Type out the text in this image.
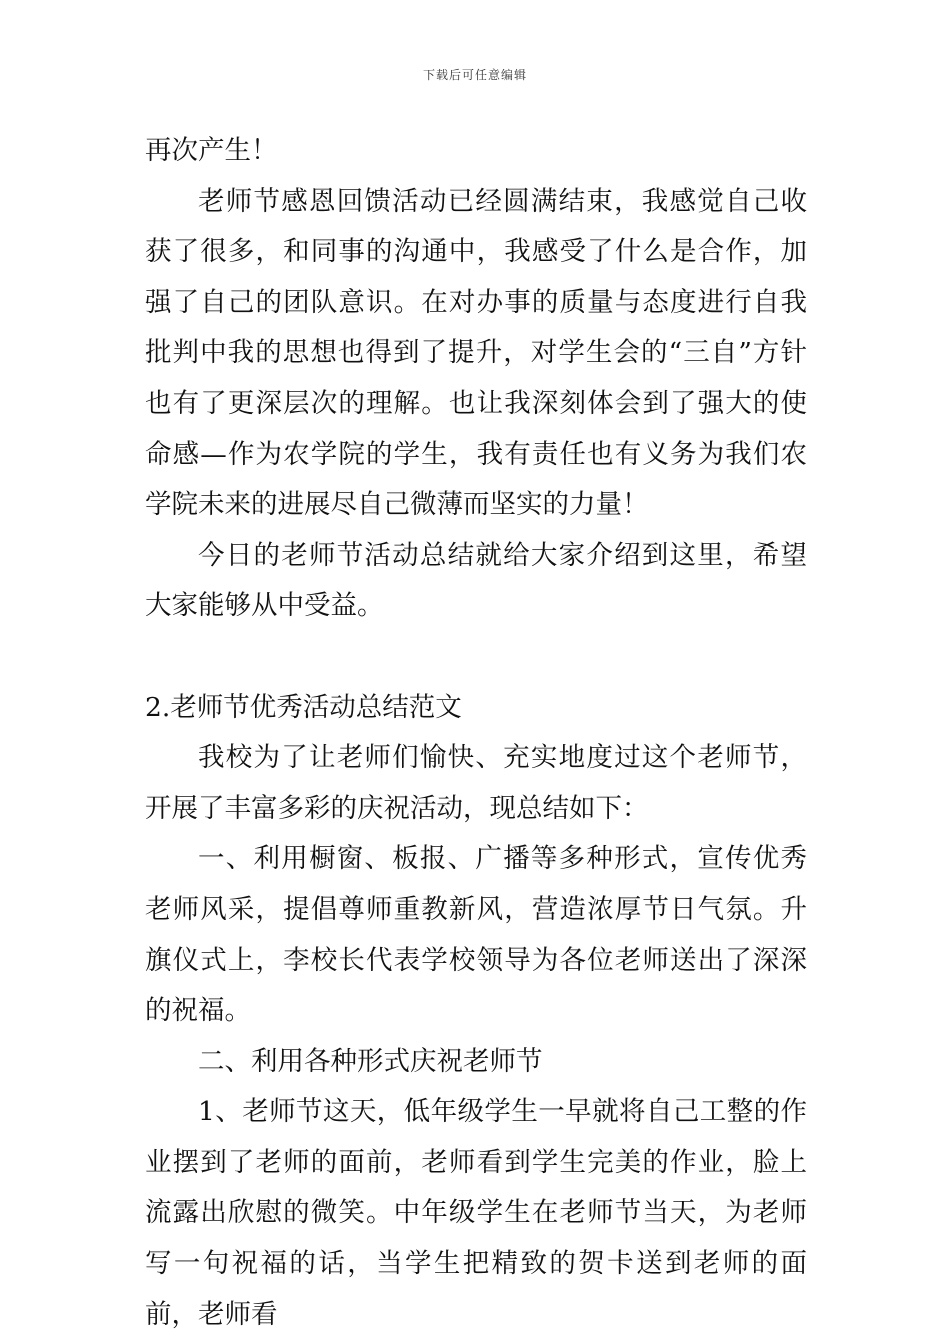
下载后可任意编辑

再次产生！

老师节感恩回馈活动已经圆满结束，我感觉自己收获了很多，和同事的沟通中，我感受了什么是合作，加强了自己的团队意识。在对办事的质量与态度进行自我批判中我的思想也得到了提升，对学生会的“三自”方针也有了更深层次的理解。也让我深刻体会到了强大的使命感—作为农学院的学生，我有责任也有义务为我们农学院未来的进展尽自己微薄而坚实的力量！

今日的老师节活动总结就给大家介绍到这里，希望大家能够从中受益。

2.老师节优秀活动总结范文

我校为了让老师们愉快、充实地度过这个老师节，开展了丰富多彩的庆祝活动，现总结如下：

一、利用橱窗、板报、广播等多种形式，宣传优秀老师风采，提倡尊师重教新风，营造浓厚节日气氛。升旗仪式上，李校长代表学校领导为各位老师送出了深深的祝福。

二、利用各种形式庆祝老师节

1、老师节这天，低年级学生一早就将自己工整的作业摆到了老师的面前，老师看到学生完美的作业，脸上流露出欣慰的微笑。中年级学生在老师节当天，为老师写一句祝福的话，当学生把精致的贺卡送到老师的面前，老师看
